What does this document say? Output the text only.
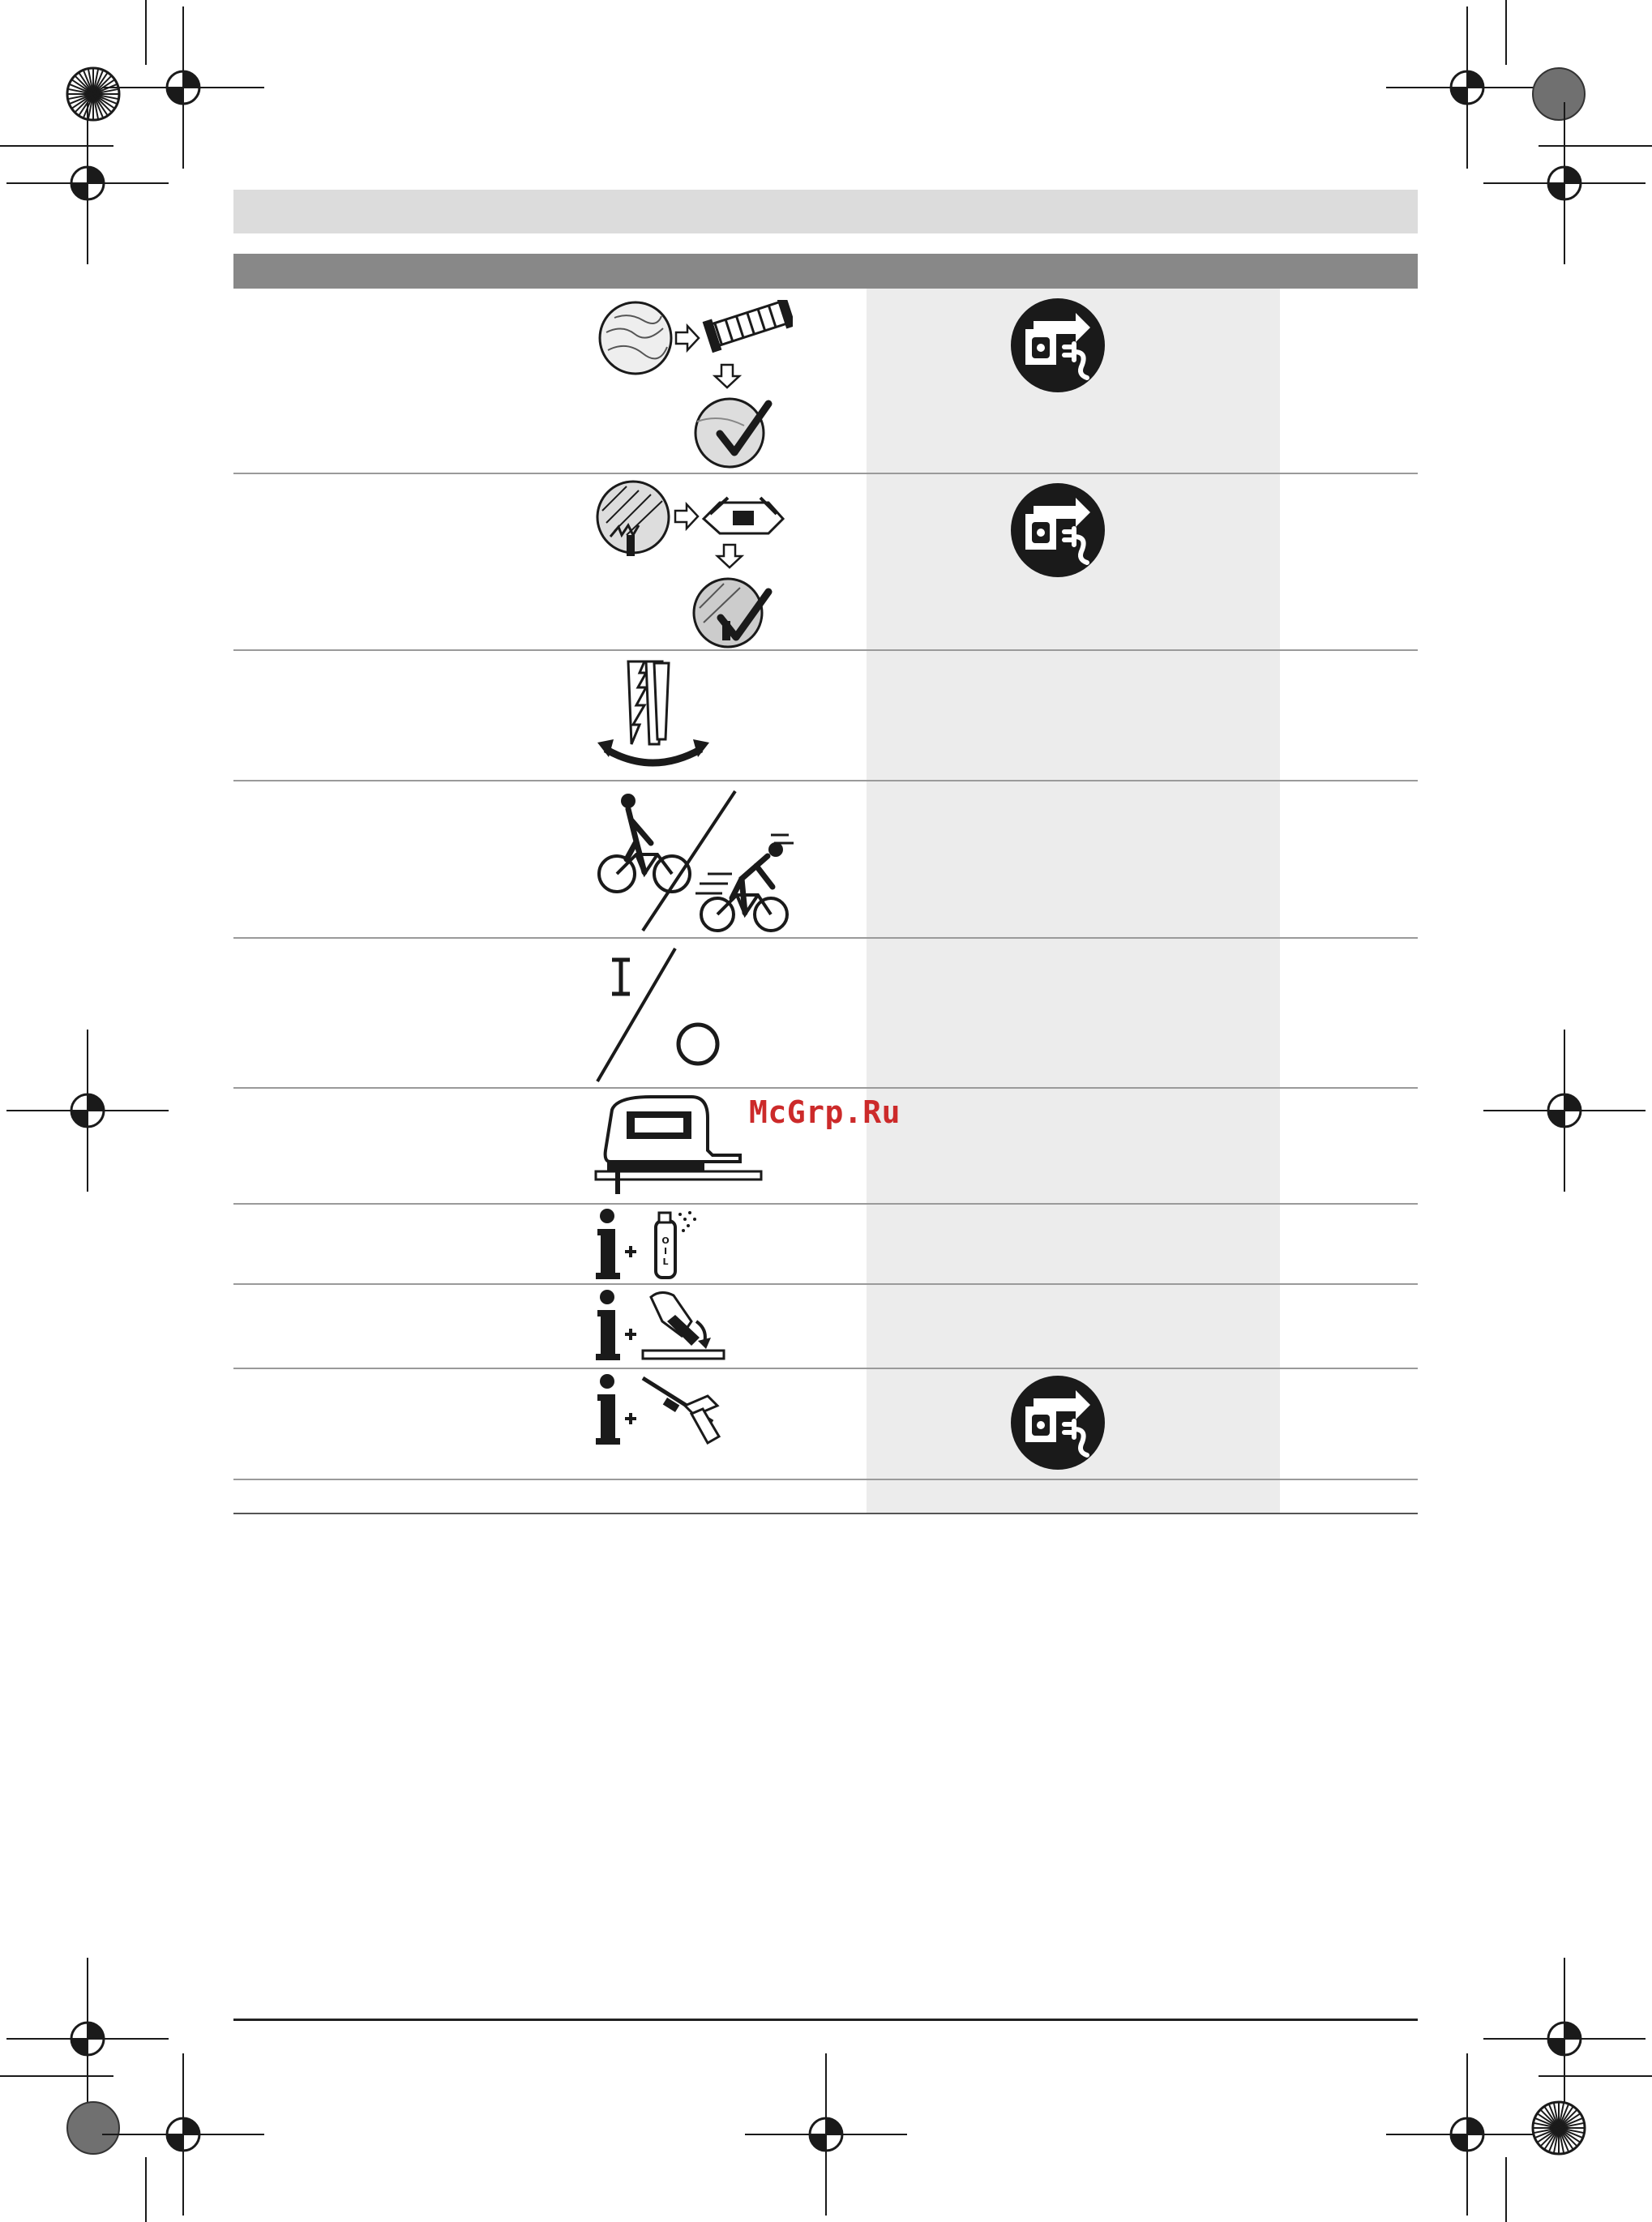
O
I
L
McGrp.Ru
